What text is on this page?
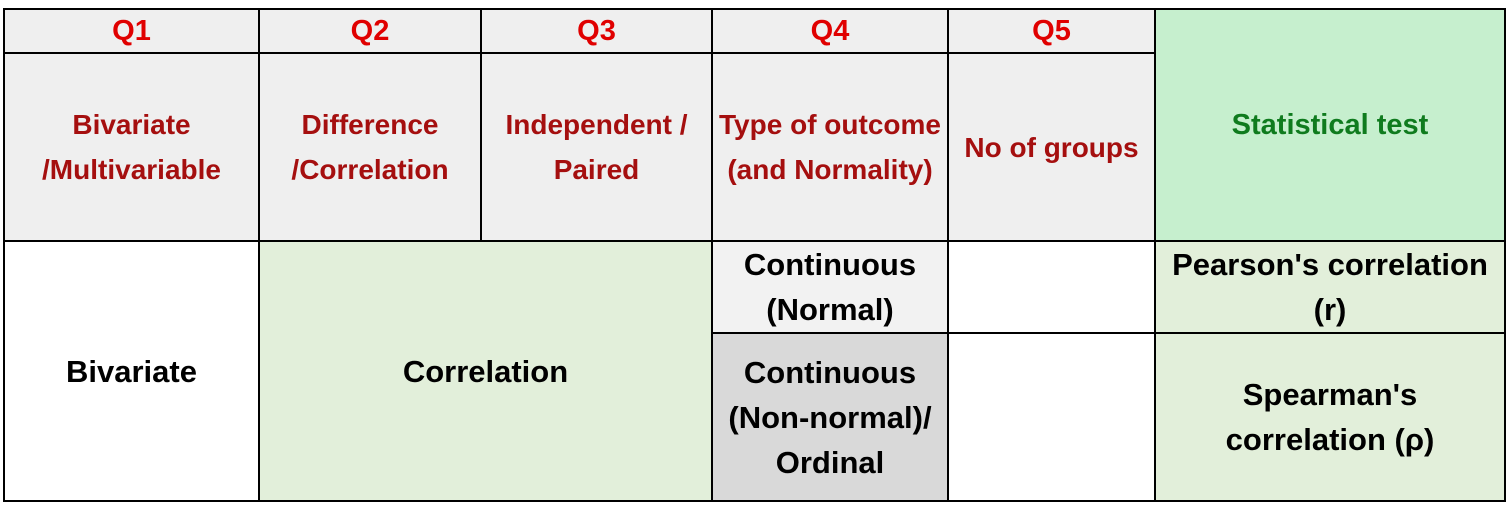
Q1	Q2	Q3	Q4	Q5	Statistical test
Bivariate /Multivariable	Difference /Correlation	Independent / Paired	Type of outcome (and Normality)	No of groups	
Bivariate	Correlation		Continuous (Normal)		Pearson's correlation (r)
			Continuous (Non-normal)/ Ordinal		Spearman's correlation (ρ)
